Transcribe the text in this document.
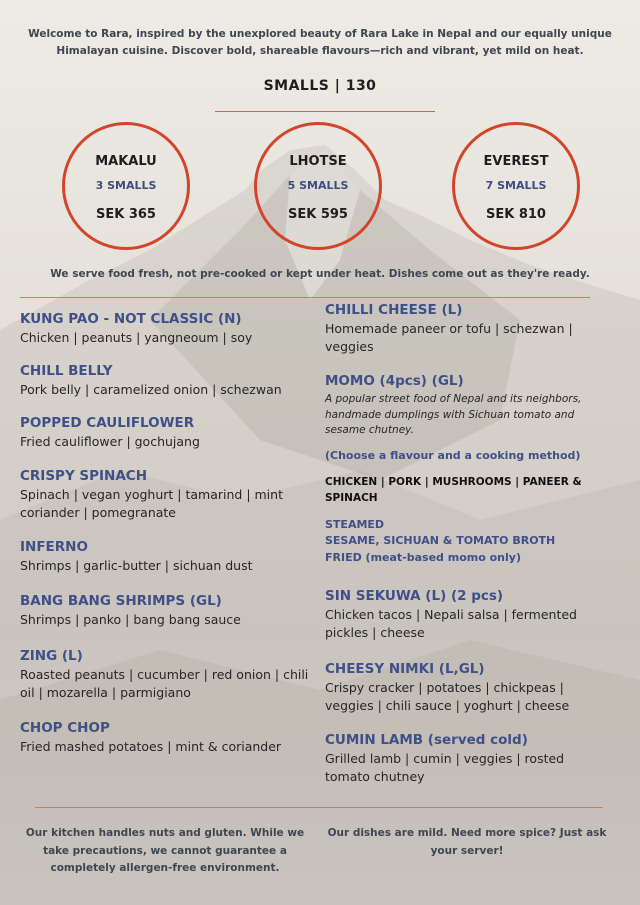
Welcome to Rara, inspired by the unexplored beauty of Rara Lake in Nepal and our equally unique Himalayan cuisine. Discover bold, shareable flavours—rich and vibrant, yet mild on heat.
SMALLS | 130
MAKALU
3 SMALLS
SEK 365
LHOTSE
5 SMALLS
SEK 595
EVEREST
7 SMALLS
SEK 810
We serve food fresh, not pre-cooked or kept under heat. Dishes come out as they're ready.
KUNG PAO - NOT CLASSIC (N)
Chicken | peanuts | yangneoum | soy
CHILL BELLY
Pork belly | caramelized onion | schezwan
POPPED CAULIFLOWER
Fried cauliflower | gochujang
CRISPY SPINACH
Spinach | vegan yoghurt | tamarind | mint coriander | pomegranate
INFERNO
Shrimps | garlic-butter | sichuan dust
BANG BANG SHRIMPS (GL)
Shrimps | panko | bang bang sauce
ZING (L)
Roasted peanuts | cucumber | red onion | chili oil | mozarella | parmigiano
CHOP CHOP
Fried mashed potatoes | mint & coriander
CHILLI CHEESE (L)
Homemade paneer or tofu | schezwan | veggies
MOMO (4pcs) (GL)
A popular street food of Nepal and its neighbors, handmade dumplings with Sichuan tomato and sesame chutney.
(Choose a flavour and a cooking method)
CHICKEN | PORK | MUSHROOMS | PANEER & SPINACH
STEAMED
SESAME, SICHUAN & TOMATO BROTH
FRIED (meat-based momo only)
SIN SEKUWA (L) (2 pcs)
Chicken tacos | Nepali salsa | fermented pickles | cheese
CHEESY NIMKI (L,GL)
Crispy cracker | potatoes | chickpeas | veggies | chili sauce | yoghurt | cheese
CUMIN LAMB (served cold)
Grilled lamb | cumin | veggies | rosted tomato chutney
Our kitchen handles nuts and gluten. While we take precautions, we cannot guarantee a completely allergen-free environment.
Our dishes are mild. Need more spice? Just ask your server!
